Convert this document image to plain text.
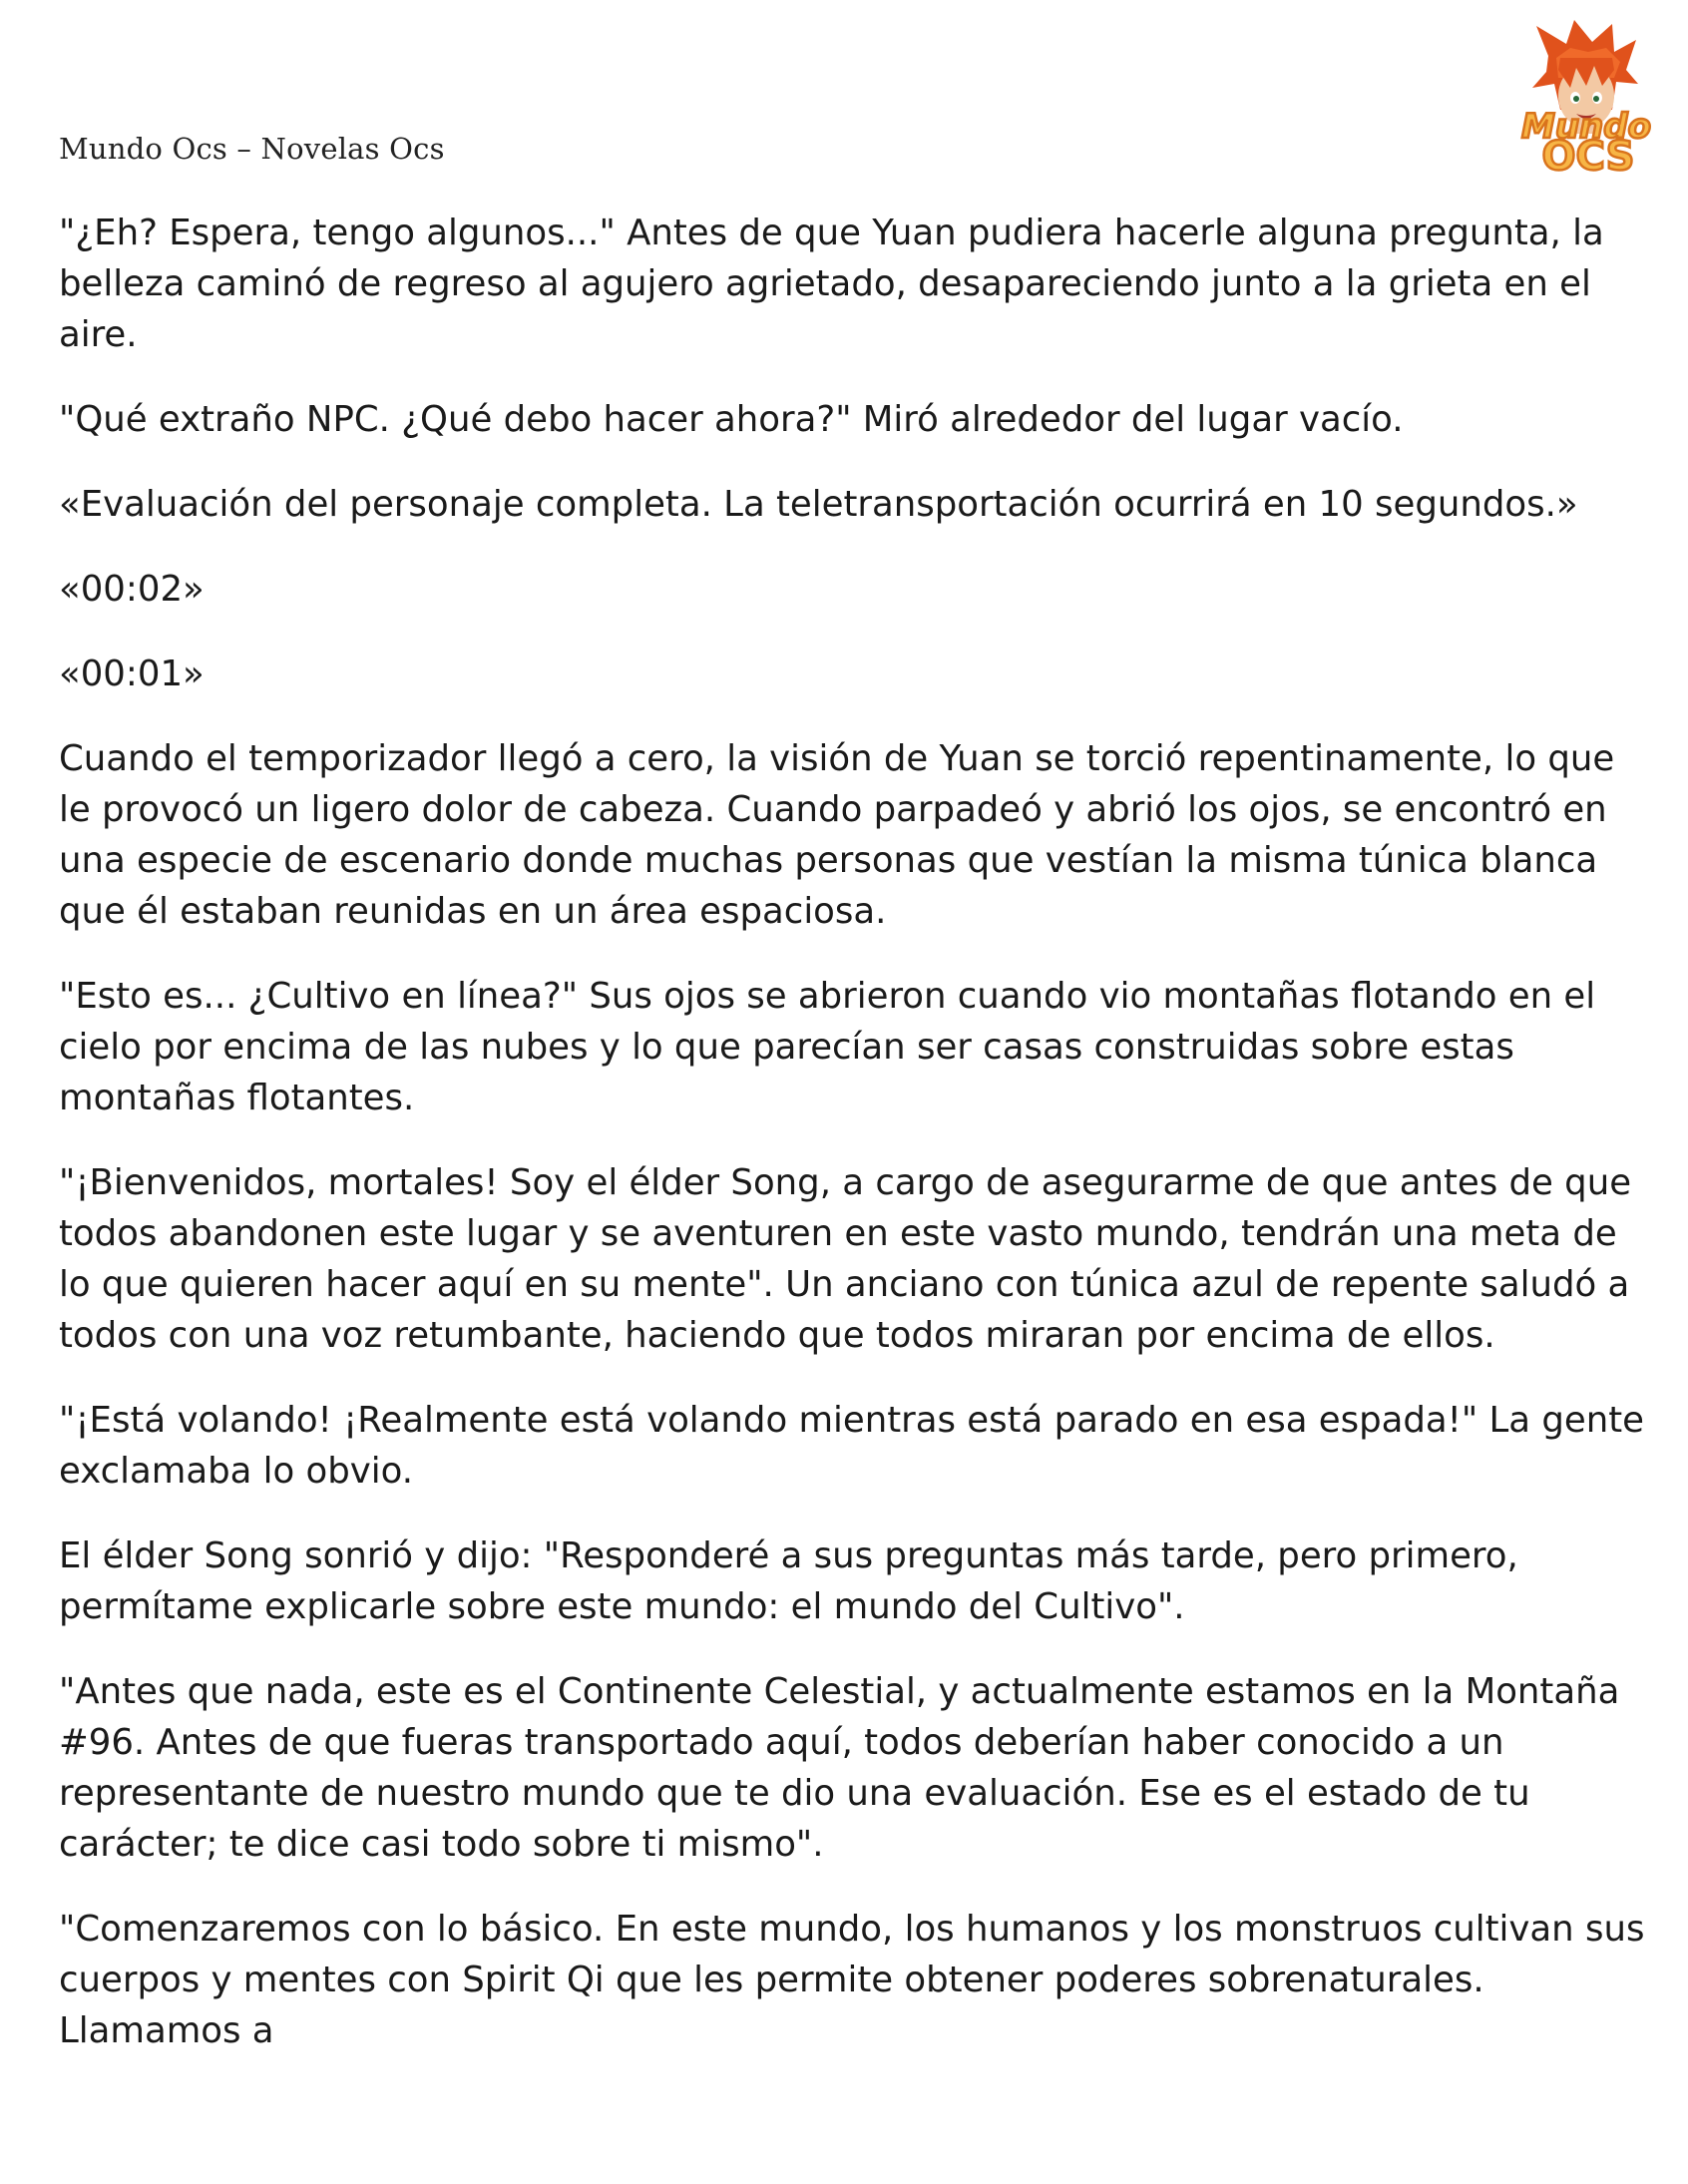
Mundo Ocs – Novelas Ocs
Mundo
OCS

"¿Eh? Espera, tengo algunos..." Antes de que Yuan pudiera hacerle alguna pregunta, la belleza caminó de regreso al agujero agrietado, desapareciendo junto a la grieta en el aire.

"Qué extraño NPC. ¿Qué debo hacer ahora?" Miró alrededor del lugar vacío.

«Evaluación del personaje completa. La teletransportación ocurrirá en 10 segundos.»

«00:02»

«00:01»

Cuando el temporizador llegó a cero, la visión de Yuan se torció repentinamente, lo que le provocó un ligero dolor de cabeza. Cuando parpadeó y abrió los ojos, se encontró en una especie de escenario donde muchas personas que vestían la misma túnica blanca que él estaban reunidas en un área espaciosa.

"Esto es... ¿Cultivo en línea?" Sus ojos se abrieron cuando vio montañas flotando en el cielo por encima de las nubes y lo que parecían ser casas construidas sobre estas montañas flotantes.

"¡Bienvenidos, mortales! Soy el élder Song, a cargo de asegurarme de que antes de que todos abandonen este lugar y se aventuren en este vasto mundo, tendrán una meta de lo que quieren hacer aquí en su mente". Un anciano con túnica azul de repente saludó a todos con una voz retumbante, haciendo que todos miraran por encima de ellos.

"¡Está volando! ¡Realmente está volando mientras está parado en esa espada!" La gente exclamaba lo obvio.

El élder Song sonrió y dijo: "Responderé a sus preguntas más tarde, pero primero, permítame explicarle sobre este mundo: el mundo del Cultivo".

"Antes que nada, este es el Continente Celestial, y actualmente estamos en la Montaña #96. Antes de que fueras transportado aquí, todos deberían haber conocido a un representante de nuestro mundo que te dio una evaluación. Ese es el estado de tu carácter; te dice casi todo sobre ti mismo".

"Comenzaremos con lo básico. En este mundo, los humanos y los monstruos cultivan sus cuerpos y mentes con Spirit Qi que les permite obtener poderes sobrenaturales. Llamamos a
